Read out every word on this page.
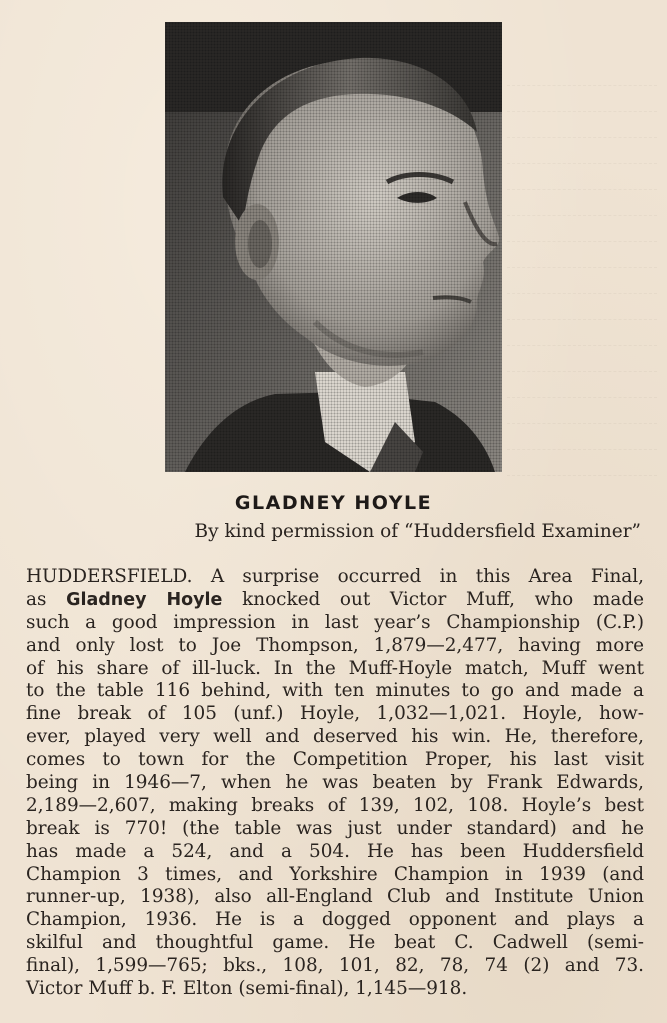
GLADNEY HOYLE
By kind permission of “Huddersfield Examiner”
HUDDERSFIELD. A surprise occurred in this Area Final,
as Gladney Hoyle knocked out Victor Muff, who made
such a good impression in last year’s Championship (C.P.)
and only lost to Joe Thompson, 1,879—2,477, having more
of his share of ill-luck. In the Muff-Hoyle match, Muff went
to the table 116 behind, with ten minutes to go and made a
fine break of 105 (unf.) Hoyle, 1,032—1,021. Hoyle, how-
ever, played very well and deserved his win. He, therefore,
comes to town for the Competition Proper, his last visit
being in 1946—7, when he was beaten by Frank Edwards,
2,189—2,607, making breaks of 139, 102, 108. Hoyle’s best
break is 770! (the table was just under standard) and he
has made a 524, and a 504. He has been Huddersfield
Champion 3 times, and Yorkshire Champion in 1939 (and
runner-up, 1938), also all-England Club and Institute Union
Champion, 1936. He is a dogged opponent and plays a
skilful and thoughtful game. He beat C. Cadwell (semi-
final), 1,599—765; bks., 108, 101, 82, 78, 74 (2) and 73.
Victor Muff b. F. Elton (semi-final), 1,145—918.
